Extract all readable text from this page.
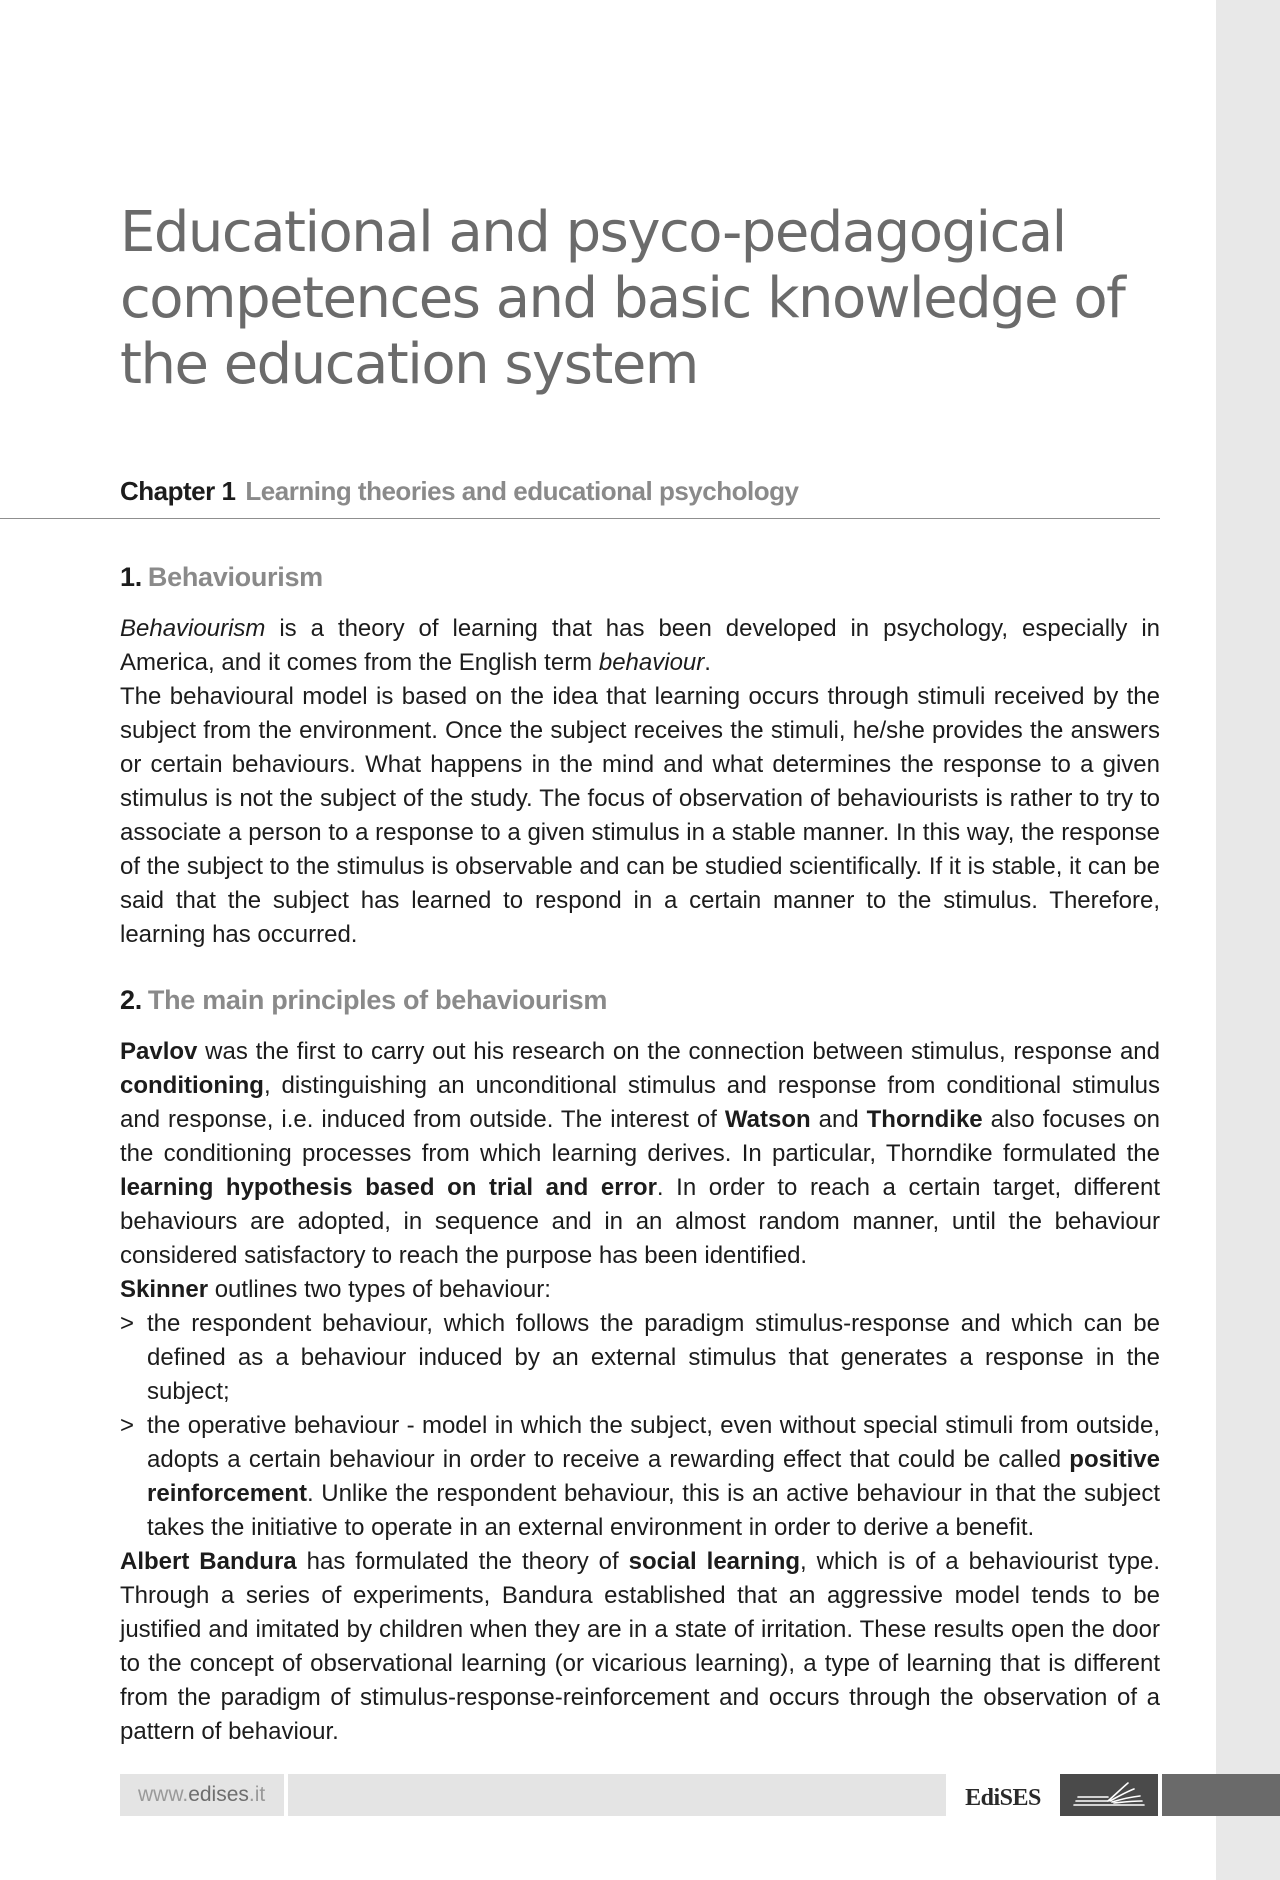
Educational and psyco-pedagogical competences and basic knowledge of the education system
Chapter 1 Learning theories and educational psychology
1. Behaviourism

Behaviourism is a theory of learning that has been developed in psychology, especially in America, and it comes from the English term behaviour.

The behavioural model is based on the idea that learning occurs through stimuli received by the subject from the environment. Once the subject receives the stimuli, he/she provides the answers or certain behaviours. What happens in the mind and what determines the response to a given stimulus is not the subject of the study. The focus of observation of behaviourists is rather to try to associate a person to a response to a given stimulus in a stable manner. In this way, the response of the subject to the stimulus is observable and can be studied scientifically. If it is stable, it can be said that the subject has learned to respond in a certain manner to the stimulus. Therefore, learning has occurred.

2. The main principles of behaviourism

Pavlov was the first to carry out his research on the connection between stimulus, response and conditioning, distinguishing an unconditional stimulus and response from conditional stimulus and response, i.e. induced from outside. The interest of Watson and Thorndike also focuses on the conditioning processes from which learning derives. In particular, Thorndike formulated the learning hypothesis based on trial and error. In order to reach a certain target, different behaviours are adopted, in sequence and in an almost random manner, until the behaviour considered satisfactory to reach the purpose has been identified.

Skinner outlines two types of behaviour:

> the respondent behaviour, which follows the paradigm stimulus-response and which can be defined as a behaviour induced by an external stimulus that generates a response in the subject;
> the operative behaviour - model in which the subject, even without special stimuli from outside, adopts a certain behaviour in order to receive a rewarding effect that could be called positive reinforcement. Unlike the respondent behaviour, this is an active behaviour in that the subject takes the initiative to operate in an external environment in order to derive a benefit.

Albert Bandura has formulated the theory of social learning, which is of a behaviourist type. Through a series of experiments, Bandura established that an aggressive model tends to be justified and imitated by children when they are in a state of irritation. These results open the door to the concept of observational learning (or vicarious learning), a type of learning that is different from the paradigm of stimulus-response-reinforcement and occurs through the observation of a pattern of behaviour.

www.edises.it	EdiSES
